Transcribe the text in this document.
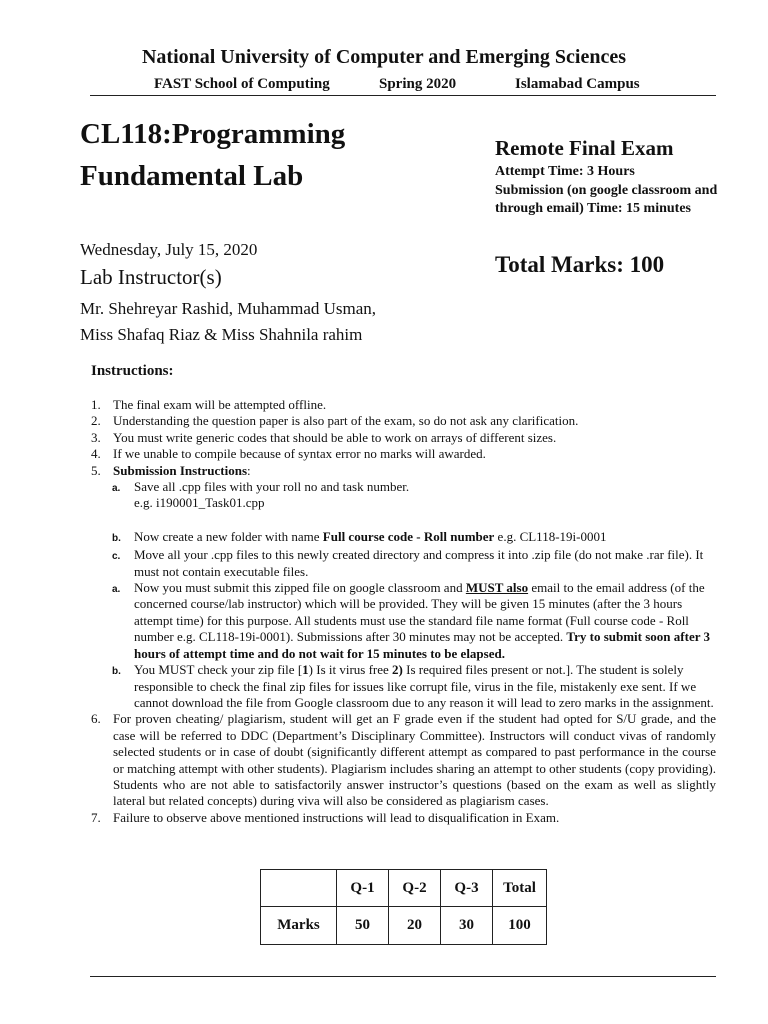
National University of Computer and Emerging Sciences
FAST School of Computing	Spring 2020	Islamabad Campus
CL118:Programming
Fundamental Lab
Remote Final Exam
Attempt Time: 3 Hours
Submission (on google classroom and through email) Time: 15 minutes
Total Marks: 100
Wednesday, July 15, 2020
Lab Instructor(s)
Mr. Shehreyar Rashid, Muhammad Usman,
Miss Shafaq Riaz & Miss Shahnila rahim
Instructions:
1. The final exam will be attempted offline.
2. Understanding the question paper is also part of the exam, so do not ask any clarification.
3. You must write generic codes that should be able to work on arrays of different sizes.
4. If we unable to compile because of syntax error no marks will awarded.
5. Submission Instructions:
a.	Save all .cpp files with your roll no and task number.
e.g. i190001_Task01.cpp
b.	Now create a new folder with name Full course code - Roll number e.g. CL118-19i-0001
c.	Move all your .cpp files to this newly created directory and compress it into .zip file (do not make .rar file). It must not contain executable files.
a.	Now you must submit this zipped file on google classroom and MUST also email to the email address (of the concerned course/lab instructor) which will be provided. They will be given 15 minutes (after the 3 hours attempt time) for this purpose. All students must use the standard file name format (Full course code - Roll number e.g. CL118-19i-0001). Submissions after 30 minutes may not be accepted. Try to submit soon after 3 hours of attempt time and do not wait for 15 minutes to be elapsed.
b.	You MUST check your zip file [1) Is it virus free 2) Is required files present or not.]. The student is solely responsible to check the final zip files for issues like corrupt file, virus in the file, mistakenly exe sent. If we cannot download the file from Google classroom due to any reason it will lead to zero marks in the assignment.
6. For proven cheating/ plagiarism, student will get an F grade even if the student had opted for S/U grade, and the case will be referred to DDC (Department’s Disciplinary Committee). Instructors will conduct vivas of randomly selected students or in case of doubt (significantly different attempt as compared to past performance in the course or matching attempt with other students). Plagiarism includes sharing an attempt to other students (copy providing). Students who are not able to satisfactorily answer instructor’s questions (based on the exam as well as slightly lateral but related concepts) during viva will also be considered as plagiarism cases.
7. Failure to observe above mentioned instructions will lead to disqualification in Exam.
	Q-1	Q-2	Q-3	Total
Marks	50	20	30	100
